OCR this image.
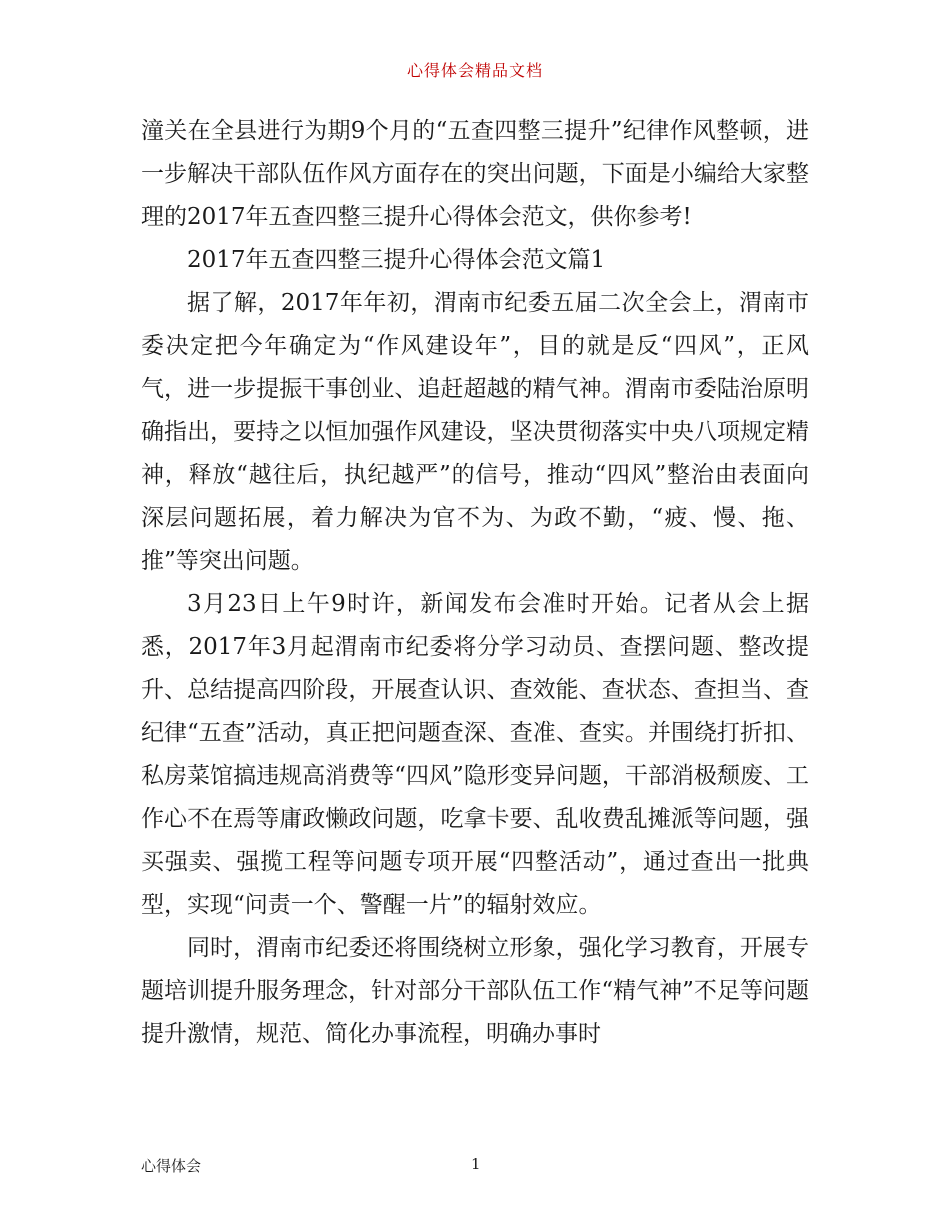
心得体会精品文档

潼关在全县进行为期9个月的“五查四整三提升”纪律作风整顿，进一步解决干部队伍作风方面存在的突出问题，下面是小编给大家整理的2017年五查四整三提升心得体会范文，供你参考!

2017年五查四整三提升心得体会范文篇1

据了解，2017年年初，渭南市纪委五届二次全会上，渭南市委决定把今年确定为“作风建设年”，目的就是反“四风”，正风气，进一步提振干事创业、追赶超越的精气神。渭南市委陆治原明确指出，要持之以恒加强作风建设，坚决贯彻落实中央八项规定精神，释放“越往后，执纪越严”的信号，推动“四风”整治由表面向深层问题拓展，着力解决为官不为、为政不勤，“疲、慢、拖、推”等突出问题。

3月23日上午9时许，新闻发布会准时开始。记者从会上据悉，2017年3月起渭南市纪委将分学习动员、查摆问题、整改提升、总结提高四阶段，开展查认识、查效能、查状态、查担当、查纪律“五查”活动，真正把问题查深、查准、查实。并围绕打折扣、私房菜馆搞违规高消费等“四风”隐形变异问题，干部消极颓废、工作心不在焉等庸政懒政问题，吃拿卡要、乱收费乱摊派等问题，强买强卖、强揽工程等问题专项开展“四整活动”，通过查出一批典型，实现“问责一个、警醒一片”的辐射效应。

同时，渭南市纪委还将围绕树立形象，强化学习教育，开展专题培训提升服务理念，针对部分干部队伍工作“精气神”不足等问题提升激情，规范、简化办事流程，明确办事时

心得体会	1
